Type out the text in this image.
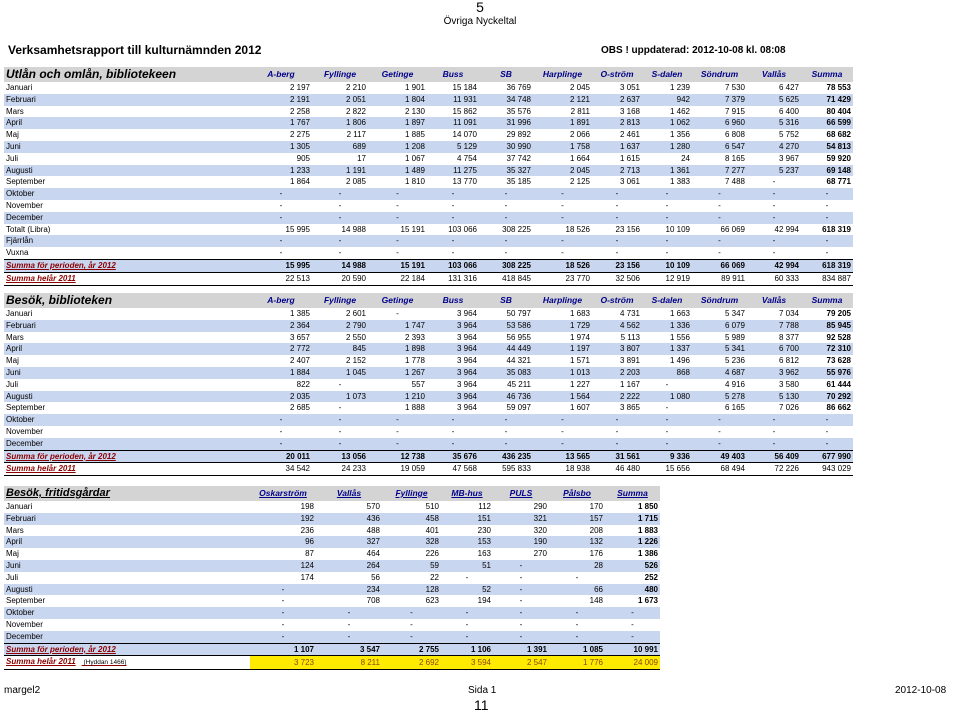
5
Övriga Nyckeltal
Verksamhetsrapport till kulturnämnden 2012	OBS ! uppdaterad: 2012-10-08 kl. 08:08
Utlån och omlån, bibliotekeen	A-berg	Fyllinge	Getinge	Buss	SB	Harplinge	O-ström	S-dalen	Söndrum	Vallås	Summa
Januari	2 197	2 210	1 901	15 184	36 769	2 045	3 051	1 239	7 530	6 427	78 553
Februari	2 191	2 051	1 804	11 931	34 748	2 121	2 637	942	7 379	5 625	71 429
Mars	2 258	2 822	2 130	15 862	35 576	2 811	3 168	1 462	7 915	6 400	80 404
April	1 767	1 806	1 897	11 091	31 996	1 891	2 813	1 062	6 960	5 316	66 599
Maj	2 275	2 117	1 885	14 070	29 892	2 066	2 461	1 356	6 808	5 752	68 682
Juni	1 305	689	1 208	5 129	30 990	1 758	1 637	1 280	6 547	4 270	54 813
Juli	905	17	1 067	4 754	37 742	1 664	1 615	24	8 165	3 967	59 920
Augusti	1 233	1 191	1 489	11 275	35 327	2 045	2 713	1 361	7 277	5 237	69 148
September	1 864	2 085	1 810	13 770	35 185	2 125	3 061	1 383	7 488	-	68 771
Oktober	-	-	-	-	-	-	-	-	-	-	-
November	-	-	-	-	-	-	-	-	-	-	-
December	-	-	-	-	-	-	-	-	-	-	-
Totalt (Libra)	15 995	14 988	15 191	103 066	308 225	18 526	23 156	10 109	66 069	42 994	618 319
Fjärrlån	-	-	-	-	-	-	-	-	-	-	-
Vuxna	-	-	-	-	-	-	-	-	-	-	-
Summa för perioden, år 2012	15 995	14 988	15 191	103 066	308 225	18 526	23 156	10 109	66 069	42 994	618 319
Summa helår 2011	22 513	20 590	22 184	131 316	418 845	23 770	32 506	12 919	89 911	60 333	834 887
Besök, biblioteken	A-berg	Fyllinge	Getinge	Buss	SB	Harplinge	O-ström	S-dalen	Söndrum	Vallås	Summa
Januari	1 385	2 601	-	3 964	50 797	1 683	4 731	1 663	5 347	7 034	79 205
Februari	2 364	2 790	1 747	3 964	53 586	1 729	4 562	1 336	6 079	7 788	85 945
Mars	3 657	2 550	2 393	3 964	56 955	1 974	5 113	1 556	5 989	8 377	92 528
April	2 772	845	1 898	3 964	44 449	1 197	3 807	1 337	5 341	6 700	72 310
Maj	2 407	2 152	1 778	3 964	44 321	1 571	3 891	1 496	5 236	6 812	73 628
Juni	1 884	1 045	1 267	3 964	35 083	1 013	2 203	868	4 687	3 962	55 976
Juli	822	-	557	3 964	45 211	1 227	1 167	-	4 916	3 580	61 444
Augusti	2 035	1 073	1 210	3 964	46 736	1 564	2 222	1 080	5 278	5 130	70 292
September	2 685	-	1 888	3 964	59 097	1 607	3 865	-	6 165	7 026	86 662
Oktober	-	-	-	-	-	-	-	-	-	-	-
November	-	-	-	-	-	-	-	-	-	-	-
December	-	-	-	-	-	-	-	-	-	-	-
Summa för perioden, år 2012	20 011	13 056	12 738	35 676	436 235	13 565	31 561	9 336	49 403	56 409	677 990
Summa helår 2011	34 542	24 233	19 059	47 568	595 833	18 938	46 480	15 656	68 494	72 226	943 029
Besök, fritidsgårdar	Oskarström	Vallås	Fyllinge	MB-hus	PULS	Pålsbo	Summa
Januari	198	570	510	112	290	170	1 850
Februari	192	436	458	151	321	157	1 715
Mars	236	488	401	230	320	208	1 883
April	96	327	328	153	190	132	1 226
Maj	87	464	226	163	270	176	1 386
Juni	124	264	59	51	-	28	526
Juli	174	56	22	-	-	-	252
Augusti	-	234	128	52	-	66	480
September	-	708	623	194	-	148	1 673
Oktober	-	-	-	-	-	-	-
November	-	-	-	-	-	-	-
December	-	-	-	-	-	-	-
Summa för perioden, år 2012	1 107	3 547	2 755	1 106	1 391	1 085	10 991
Summa helår 2011 (Hyddan 1466)	3 723	8 211	2 692	3 594	2 547	1 776	24 009
margel2	Sida 1	2012-10-08
11
